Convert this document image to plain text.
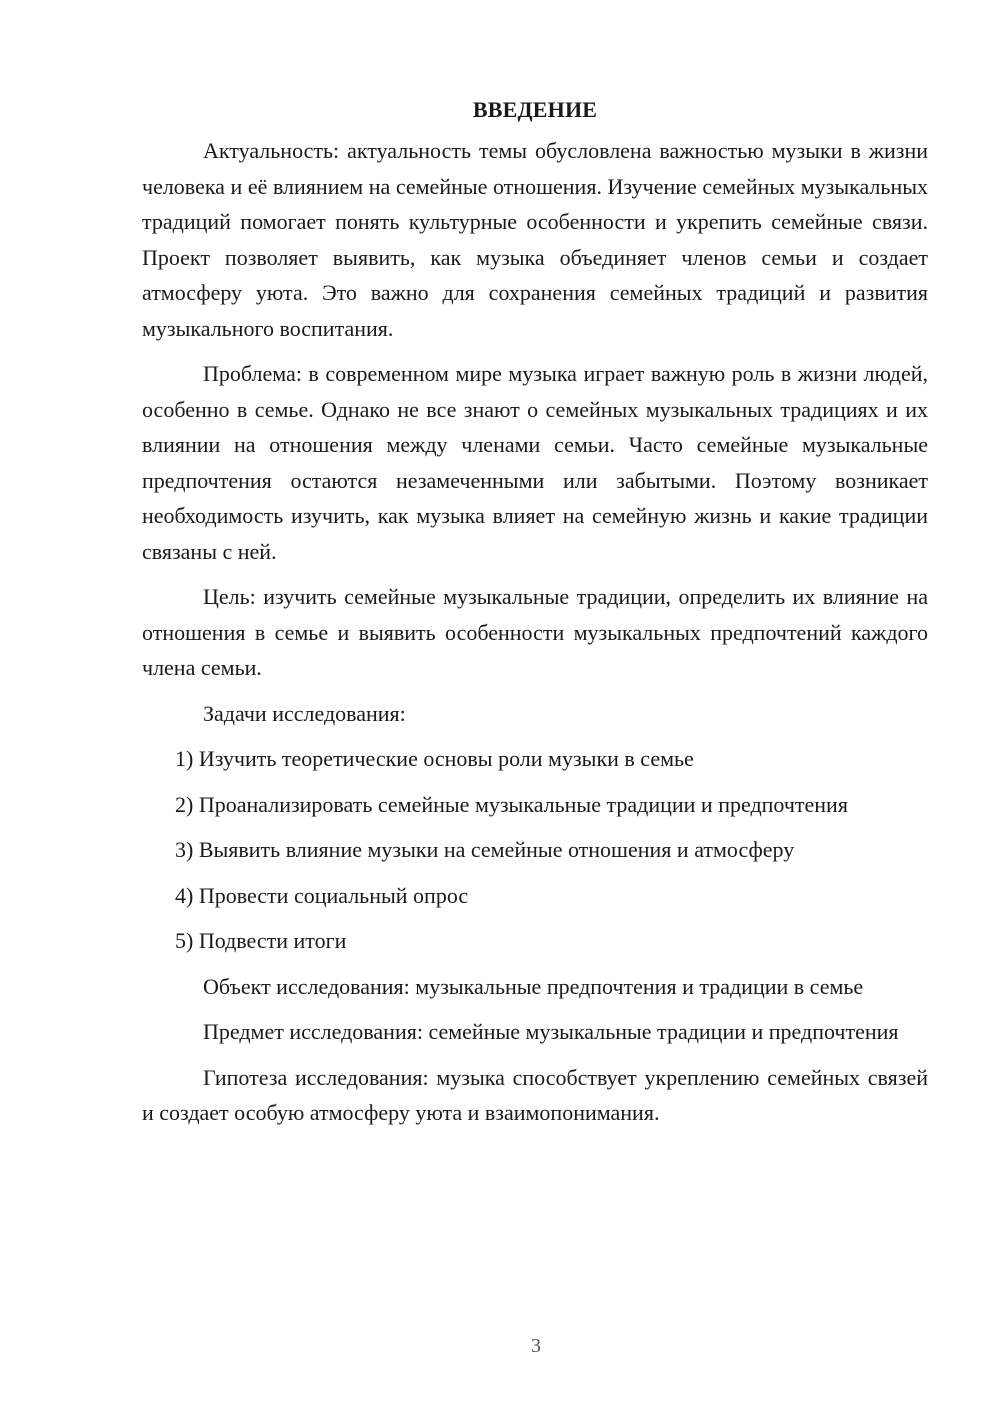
ВВЕДЕНИЕ

Актуальность: актуальность темы обусловлена важностью музыки в жизни человека и её влиянием на семейные отношения. Изучение семейных музыкальных традиций помогает понять культурные особенности и укрепить семейные связи. Проект позволяет выявить, как музыка объединяет членов семьи и создает атмосферу уюта. Это важно для сохранения семейных традиций и развития музыкального воспитания.

Проблема: в современном мире музыка играет важную роль в жизни людей, особенно в семье. Однако не все знают о семейных музыкальных традициях и их влиянии на отношения между членами семьи. Часто семейные музыкальные предпочтения остаются незамеченными или забытыми. Поэтому возникает необходимость изучить, как музыка влияет на семейную жизнь и какие традиции связаны с ней.

Цель: изучить семейные музыкальные традиции, определить их влияние на отношения в семье и выявить особенности музыкальных предпочтений каждого члена семьи.

Задачи исследования:

1) Изучить теоретические основы роли музыки в семье

2) Проанализировать семейные музыкальные традиции и предпочтения

3) Выявить влияние музыки на семейные отношения и атмосферу

4) Провести социальный опрос

5) Подвести итоги

Объект исследования: музыкальные предпочтения и традиции в семье

Предмет исследования: семейные музыкальные традиции и предпочтения

Гипотеза исследования: музыка способствует укреплению семейных связей и создает особую атмосферу уюта и взаимопонимания.

3
